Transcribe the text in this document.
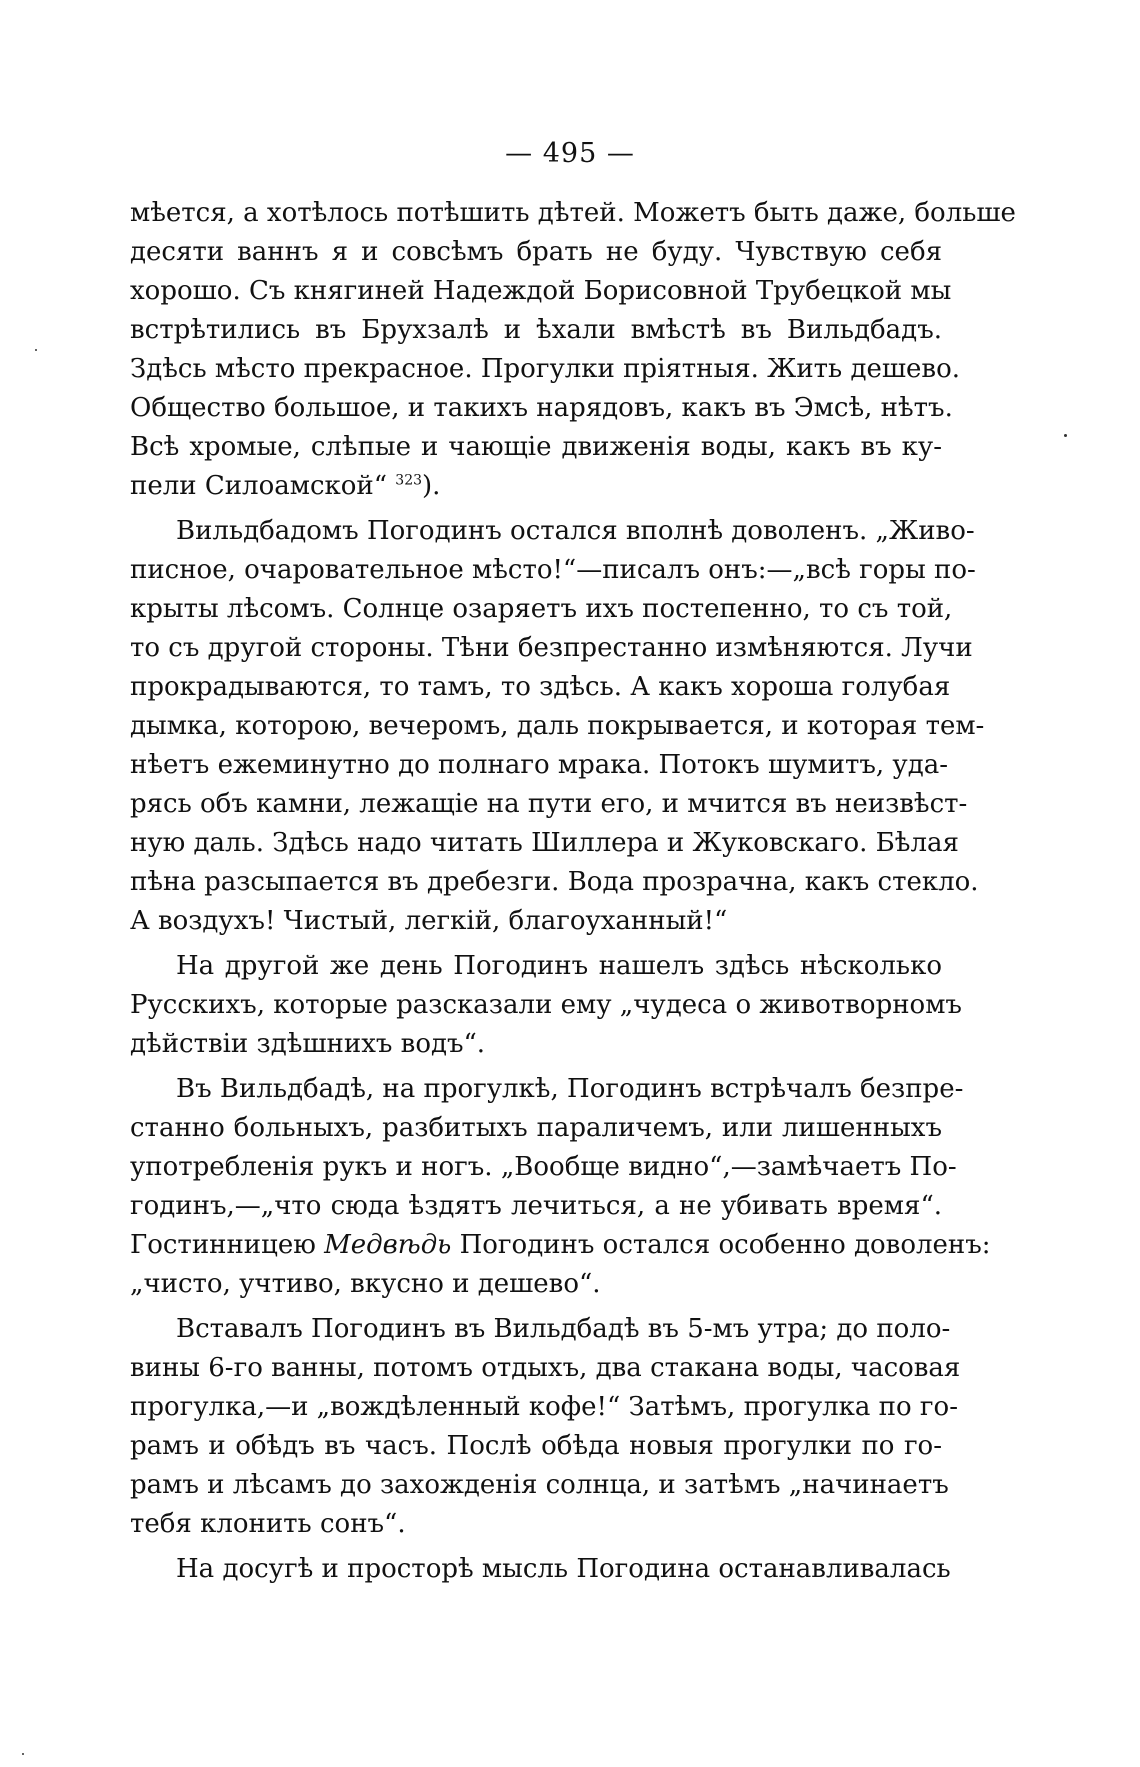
— 495 —
мѣется, а хотѣлось потѣшить дѣтей. Можетъ быть даже, больше
десяти ваннъ я и совсѣмъ брать не буду. Чувствую себя
хорошо. Съ княгиней Надеждой Борисовной Трубецкой мы
встрѣтились въ Брухзалѣ и ѣхали вмѣстѣ въ Вильдбадъ.
Здѣсь мѣсто прекрасное. Прогулки пріятныя. Жить дешево.
Общество большое, и такихъ нарядовъ, какъ въ Эмсѣ, нѣтъ.
Всѣ хромые, слѣпые и чающіе движенія воды, какъ въ ку-
пели Силоамской“ $^{323}$).
Вильдбадомъ Погодинъ остался вполнѣ доволенъ. „Живо-
писное, очаровательное мѣсто!“—писалъ онъ:—„всѣ горы по-
крыты лѣсомъ. Солнце озаряетъ ихъ постепенно, то съ той,
то съ другой стороны. Тѣни безпрестанно измѣняются. Лучи
прокрадываются, то тамъ, то здѣсь. А какъ хороша голубая
дымка, которою, вечеромъ, даль покрывается, и которая тем-
нѣетъ ежеминутно до полнаго мрака. Потокъ шумитъ, уда-
рясь объ камни, лежащіе на пути его, и мчится въ неизвѣст-
ную даль. Здѣсь надо читать Шиллера и Жуковскаго. Бѣлая
пѣна разсыпается въ дребезги. Вода прозрачна, какъ стекло.
А воздухъ! Чистый, легкій, благоуханный!“
На другой же день Погодинъ нашелъ здѣсь нѣсколько
Русскихъ, которые разсказали ему „чудеса о животворномъ
дѣйствіи здѣшнихъ водъ“.
Въ Вильдбадѣ, на прогулкѣ, Погодинъ встрѣчалъ безпре-
станно больныхъ, разбитыхъ параличемъ, или лишенныхъ
употребленія рукъ и ногъ. „Вообще видно“,—замѣчаетъ По-
годинъ,—„что сюда ѣздятъ лечиться, а не убивать время“.
Гостинницею Медвѣдь Погодинъ остался особенно доволенъ:
„чисто, учтиво, вкусно и дешево“.
Вставалъ Погодинъ въ Вильдбадѣ въ 5-мъ утра; до поло-
вины 6-го ванны, потомъ отдыхъ, два стакана воды, часовая
прогулка,—и „вождѣленный кофе!“ Затѣмъ, прогулка по го-
рамъ и обѣдъ въ часъ. Послѣ обѣда новыя прогулки по го-
рамъ и лѣсамъ до захожденія солнца, и затѣмъ „начинаетъ
тебя клонить сонъ“.
На досугѣ и просторѣ мысль Погодина останавливалась
